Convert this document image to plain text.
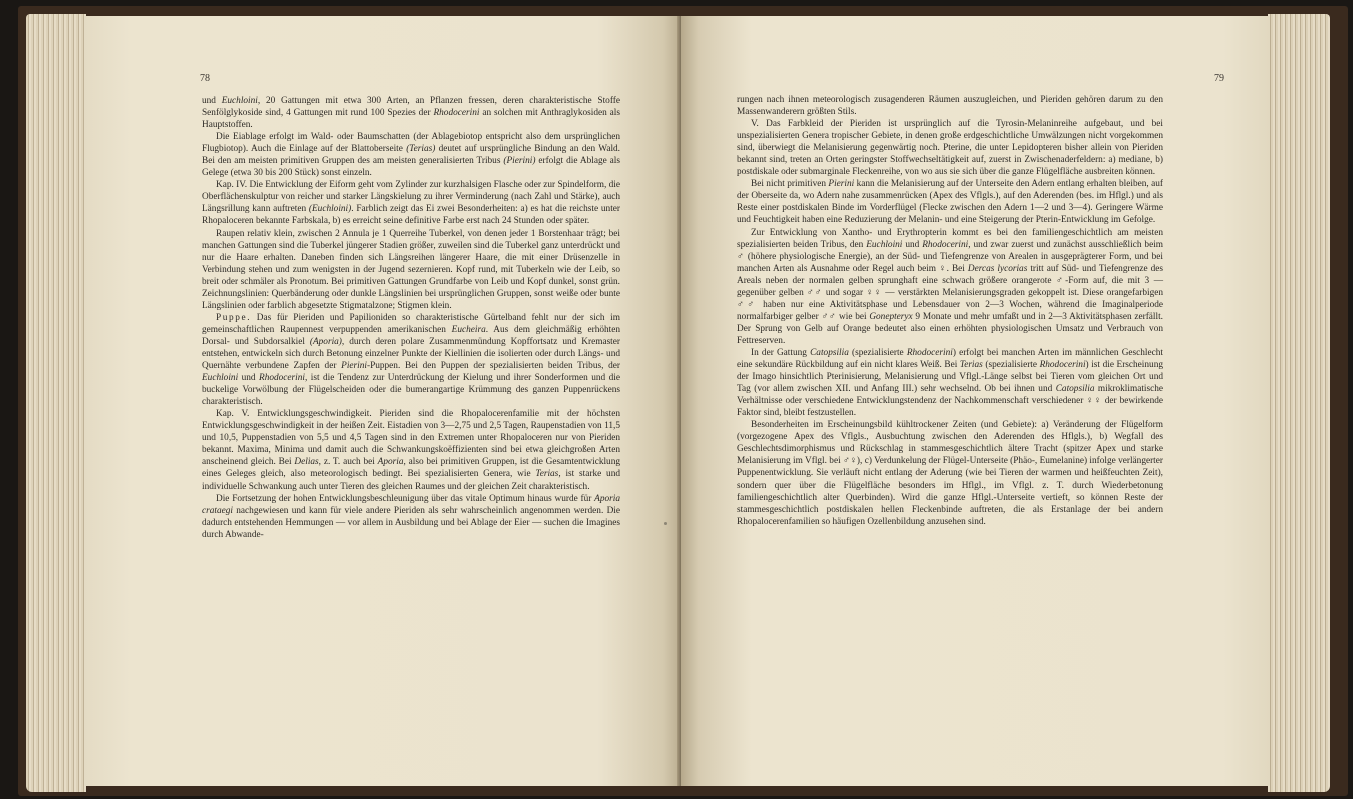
78

und Euchloini, 20 Gattungen mit etwa 300 Arten, an Pflanzen fressen, deren charakteristische Stoffe Senfölglykoside sind, 4 Gattungen mit rund 100 Spezies der Rhodocerini an solchen mit Anthraglykosiden als Hauptstoffen.

Die Eiablage erfolgt im Wald- oder Baumschatten (der Ablagebiotop entspricht also dem ursprünglichen Flugbiotop). Auch die Einlage auf der Blattoberseite (Terias) deutet auf ursprüngliche Bindung an den Wald. Bei den am meisten primitiven Gruppen des am meisten generalisierten Tribus (Pierini) erfolgt die Ablage als Gelege (etwa 30 bis 200 Stück) sonst einzeln.

Kap. IV. Die Entwicklung der Eiform geht vom Zylinder zur kurzhalsigen Flasche oder zur Spindelform, die Oberflächenskulptur von reicher und starker Längskielung zu ihrer Verminderung (nach Zahl und Stärke), auch Längsrillung kann auftreten (Euchloini). Farblich zeigt das Ei zwei Besonderheiten: a) es hat die reichste unter Rhopaloceren bekannte Farbskala, b) es erreicht seine definitive Farbe erst nach 24 Stunden oder später.

Raupen relativ klein, zwischen 2 Annula je 1 Querreihe Tuberkel, von denen jeder 1 Borstenhaar trägt; bei manchen Gattungen sind die Tuberkel jüngerer Stadien größer, zuweilen sind die Tuberkel ganz unterdrückt und nur die Haare erhalten. Daneben finden sich Längsreihen längerer Haare, die mit einer Drüsenzelle in Verbindung stehen und zum wenigsten in der Jugend sezernieren. Kopf rund, mit Tuberkeln wie der Leib, so breit oder schmäler als Pronotum. Bei primitiven Gattungen Grundfarbe von Leib und Kopf dunkel, sonst grün. Zeichnungslinien: Querbänderung oder dunkle Längslinien bei ursprünglichen Gruppen, sonst weiße oder bunte Längslinien oder farblich abgesetzte Stigmatalzone; Stigmen klein.

Puppe. Das für Pieriden und Papilioniden so charakteristische Gürtelband fehlt nur der sich im gemeinschaftlichen Raupennest verpuppenden amerikanischen Eucheira. Aus dem gleichmäßig erhöhten Dorsal- und Subdorsalkiel (Aporia), durch deren polare Zusammenmündung Kopffortsatz und Kremaster entstehen, entwickeln sich durch Betonung einzelner Punkte der Kiellinien die isolierten oder durch Längs- und Quernähte verbundene Zapfen der Pierini-Puppen. Bei den Puppen der spezialisierten beiden Tribus, der Euchloini und Rhodocerini, ist die Tendenz zur Unterdrückung der Kielung und ihrer Sonderformen und die buckelige Vorwölbung der Flügelscheiden oder die bumerangartige Krümmung des ganzen Puppenrückens charakteristisch.

Kap. V. Entwicklungsgeschwindigkeit. Pieriden sind die Rhopalocerenfamilie mit der höchsten Entwicklungsgeschwindigkeit in der heißen Zeit. Eistadien von 3—2,75 und 2,5 Tagen, Raupenstadien von 11,5 und 10,5, Puppenstadien von 5,5 und 4,5 Tagen sind in den Extremen unter Rhopaloceren nur von Pieriden bekannt. Maxima, Minima und damit auch die Schwankungskoëffizienten sind bei etwa gleichgroßen Arten anscheinend gleich. Bei Delias, z. T. auch bei Aporia, also bei primitiven Gruppen, ist die Gesamtentwicklung eines Geleges gleich, also meteorologisch bedingt. Bei spezialisierten Genera, wie Terias, ist starke und individuelle Schwankung auch unter Tieren des gleichen Raumes und der gleichen Zeit charakteristisch.

Die Fortsetzung der hohen Entwicklungsbeschleunigung über das vitale Optimum hinaus wurde für Aporia crataegi nachgewiesen und kann für viele andere Pieriden als sehr wahrscheinlich angenommen werden. Die dadurch entstehenden Hemmungen — vor allem in Ausbildung und bei Ablage der Eier — suchen die Imagines durch Abwande-

79

rungen nach ihnen meteorologisch zusagenderen Räumen auszugleichen, und Pieriden gehören darum zu den Massenwanderern größten Stils.

V. Das Farbkleid der Pieriden ist ursprünglich auf die Tyrosin-Melaninreihe aufgebaut, und bei unspezialisierten Genera tropischer Gebiete, in denen große erdgeschichtliche Umwälzungen nicht vorgekommen sind, überwiegt die Melanisierung gegenwärtig noch. Pterine, die unter Lepidopteren bisher allein von Pieriden bekannt sind, treten an Orten geringster Stoffwechseltätigkeit auf, zuerst in Zwischenaderfeldern: a) mediane, b) postdiskale oder submarginale Fleckenreihe, von wo aus sie sich über die ganze Flügelfläche ausbreiten können.

Bei nicht primitiven Pierini kann die Melanisierung auf der Unterseite den Adern entlang erhalten bleiben, auf der Oberseite da, wo Adern nahe zusammenrücken (Apex des Vflgls.), auf den Aderenden (bes. im Hflgl.) und als Reste einer postdiskalen Binde im Vorderflügel (Flecke zwischen den Adern 1—2 und 3—4). Geringere Wärme und Feuchtigkeit haben eine Reduzierung der Melanin- und eine Steigerung der Pterin-Entwicklung im Gefolge.

Zur Entwicklung von Xantho- und Erythropterin kommt es bei den familiengeschichtlich am meisten spezialisierten beiden Tribus, den Euchloini und Rhodocerini, und zwar zuerst und zunächst ausschließlich beim ♂ (höhere physiologische Energie), an der Süd- und Tiefengrenze von Arealen in ausgeprägterer Form, und bei manchen Arten als Ausnahme oder Regel auch beim ♀. Bei Dercas lycorias tritt auf Süd- und Tiefengrenze des Areals neben der normalen gelben sprunghaft eine schwach größere orangerote ♂-Form auf, die mit 3 — gegenüber gelben ♂♂ und sogar ♀♀ — verstärkten Melanisierungsgraden gekoppelt ist. Diese orangefarbigen ♂♂ haben nur eine Aktivitätsphase und Lebensdauer von 2—3 Wochen, während die Imaginalperiode normalfarbiger gelber ♂♂ wie bei Gonepteryx 9 Monate und mehr umfaßt und in 2—3 Aktivitätsphasen zerfällt. Der Sprung von Gelb auf Orange bedeutet also einen erhöhten physiologischen Umsatz und Verbrauch von Fettreserven.

In der Gattung Catopsilia (spezialisierte Rhodocerini) erfolgt bei manchen Arten im männlichen Geschlecht eine sekundäre Rückbildung auf ein nicht klares Weiß. Bei Terias (spezialisierte Rhodocerini) ist die Erscheinung der Imago hinsichtlich Pterinisierung, Melanisierung und Vflgl.-Länge selbst bei Tieren vom gleichen Ort und Tag (vor allem zwischen XII. und Anfang III.) sehr wechselnd. Ob bei ihnen und Catopsilia mikroklimatische Verhältnisse oder verschiedene Entwicklungstendenz der Nachkommenschaft verschiedener ♀♀ der bewirkende Faktor sind, bleibt festzustellen.

Besonderheiten im Erscheinungsbild kühltrockener Zeiten (und Gebiete): a) Veränderung der Flügelform (vorgezogene Apex des Vflgls., Ausbuchtung zwischen den Aderenden des Hflgls.), b) Wegfall des Geschlechtsdimorphismus und Rückschlag in stammesgeschichtlich ältere Tracht (spitzer Apex und starke Melanisierung im Vflgl. bei ♂♀), c) Verdunkelung der Flügel-Unterseite (Phäo-, Eumelanine) infolge verlängerter Puppenentwicklung. Sie verläuft nicht entlang der Aderung (wie bei Tieren der warmen und heißfeuchten Zeit), sondern quer über die Flügelfläche besonders im Hflgl., im Vflgl. z. T. durch Wiederbetonung familiengeschichtlich alter Querbinden). Wird die ganze Hflgl.-Unterseite vertieft, so können Reste der stammesgeschichtlich postdiskalen hellen Fleckenbinde auftreten, die als Erstanlage der bei andern Rhopalocerenfamilien so häufigen Ozellenbildung anzusehen sind.
